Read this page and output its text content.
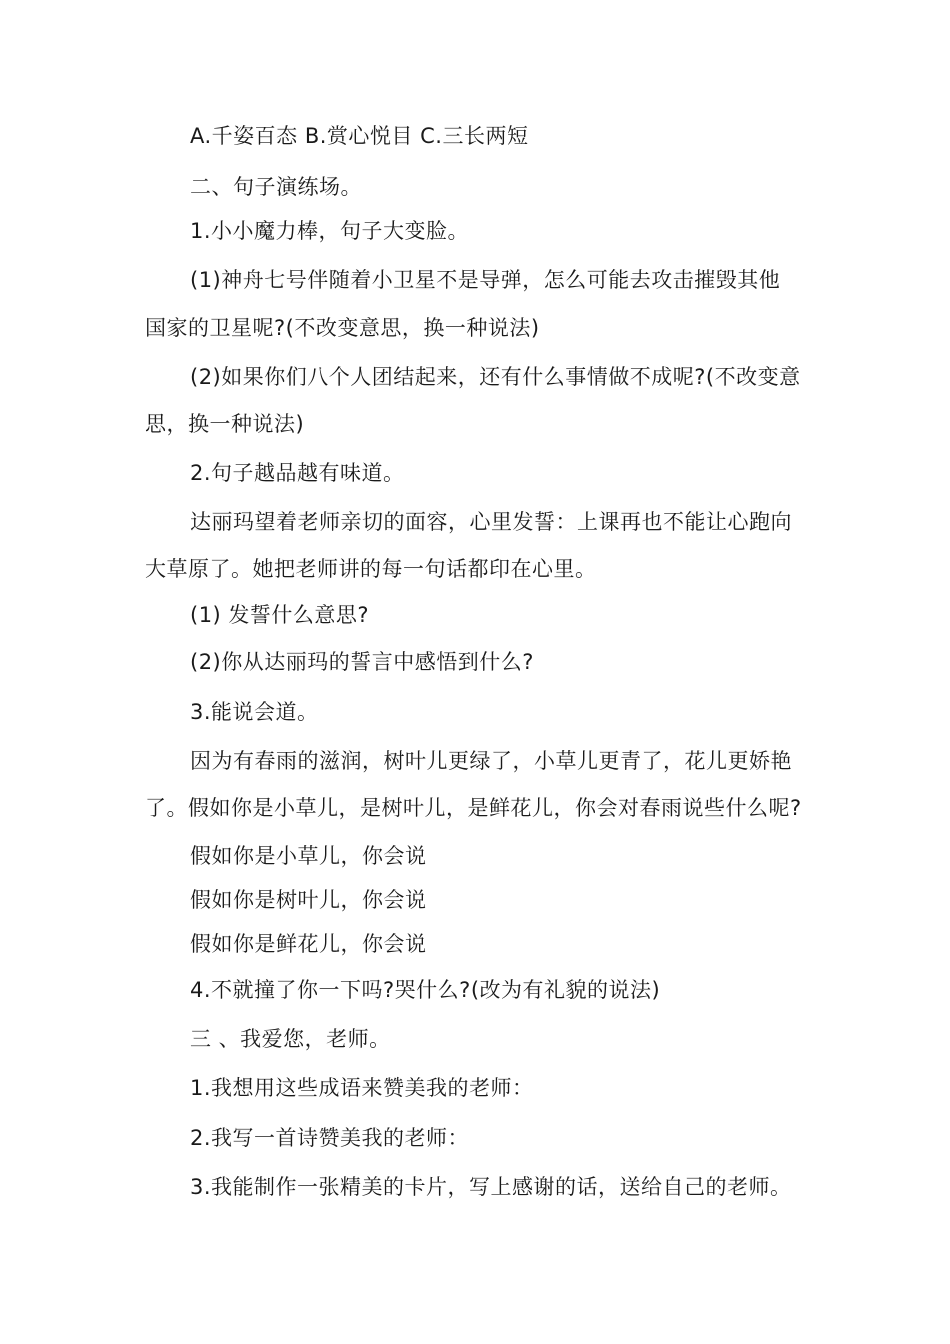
A.千姿百态 B.赏心悦目 C.三长两短
二、句子演练场。
1.小小魔力棒，句子大变脸。
(1)神舟七号伴随着小卫星不是导弹，怎么可能去攻击摧毁其他
国家的卫星呢?(不改变意思，换一种说法)
(2)如果你们八个人团结起来，还有什么事情做不成呢?(不改变意
思，换一种说法)
2.句子越品越有味道。
达丽玛望着老师亲切的面容，心里发誓：上课再也不能让心跑向
大草原了。她把老师讲的每一句话都印在心里。
(1) 发誓什么意思?
(2)你从达丽玛的誓言中感悟到什么?
3.能说会道。
因为有春雨的滋润，树叶儿更绿了，小草儿更青了，花儿更娇艳
了。假如你是小草儿，是树叶儿，是鲜花儿，你会对春雨说些什么呢?
假如你是小草儿，你会说
假如你是树叶儿，你会说
假如你是鲜花儿，你会说
4.不就撞了你一下吗?哭什么?(改为有礼貌的说法)
三 、我爱您，老师。
1.我想用这些成语来赞美我的老师：
2.我写一首诗赞美我的老师：
3.我能制作一张精美的卡片，写上感谢的话，送给自己的老师。
